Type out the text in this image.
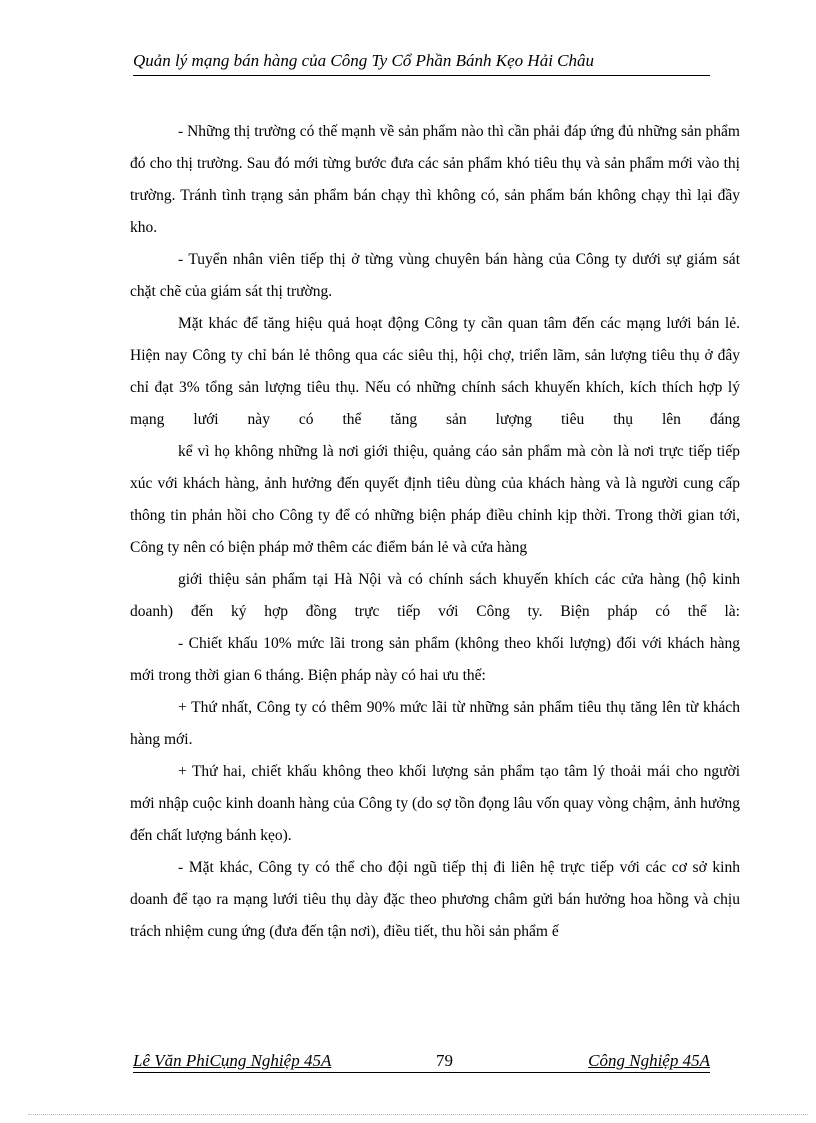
Quản lý mạng bán hàng của Công Ty Cổ Phần Bánh Kẹo Hải Châu

- Những thị trường có thế mạnh về sản phẩm nào thì cần phải đáp ứng đủ những sản phẩm đó cho thị trường. Sau đó mới từng bước đưa các sản phẩm khó tiêu thụ và sản phẩm mới vào thị trường. Tránh tình trạng sản phẩm bán chạy thì không có, sản phẩm bán không chạy thì lại đầy kho.

- Tuyển nhân viên tiếp thị ở từng vùng chuyên bán hàng của Công ty dưới sự giám sát chặt chẽ của giám sát thị trường.

Mặt khác để tăng hiệu quả hoạt động Công ty cần quan tâm đến các mạng lưới bán lẻ. Hiện nay Công ty chỉ bán lẻ thông qua các siêu thị, hội chợ, triển lãm, sản lượng tiêu thụ ở đây chỉ đạt 3% tổng sản lượng tiêu thụ. Nếu có những chính sách khuyến khích, kích thích hợp lý mạng lưới này có thể tăng sản lượng tiêu thụ lên đáng

kể vì họ không những là nơi giới thiệu, quảng cáo sản phẩm mà còn là nơi trực tiếp tiếp xúc với khách hàng, ảnh hưởng đến quyết định tiêu dùng của khách hàng và là người cung cấp thông tin phản hồi cho Công ty để có những biện pháp điều chỉnh kịp thời. Trong thời gian tới, Công ty nên có biện pháp mở thêm các điểm bán lẻ và cửa hàng

giới thiệu sản phẩm tại Hà Nội và có chính sách khuyến khích các cửa hàng (hộ kinh doanh) đến ký hợp đồng trực tiếp với Công ty. Biện pháp có thể là:

- Chiết khấu 10% mức lãi trong sản phẩm (không theo khối lượng) đối với khách hàng mới trong thời gian 6 tháng. Biện pháp này có hai ưu thế:

+ Thứ nhất, Công ty có thêm 90% mức lãi từ những sản phẩm tiêu thụ tăng lên từ khách hàng mới.

+ Thứ hai, chiết khấu không theo khối lượng sản phẩm tạo tâm lý thoải mái cho người mới nhập cuộc kinh doanh hàng của Công ty (do sợ tồn đọng lâu vốn quay vòng chậm, ảnh hưởng đến chất lượng bánh kẹo).

- Mặt khác, Công ty có thể cho đội ngũ tiếp thị đi liên hệ trực tiếp với các cơ sở kinh doanh để tạo ra mạng lưới tiêu thụ dày đặc theo phương châm gửi bán hưởng hoa hồng và chịu trách nhiệm cung ứng (đưa đến tận nơi), điều tiết, thu hồi sản phẩm ế

Lê Văn PhiCụng Nghiệp 45A	79	Công Nghiệp 45A
